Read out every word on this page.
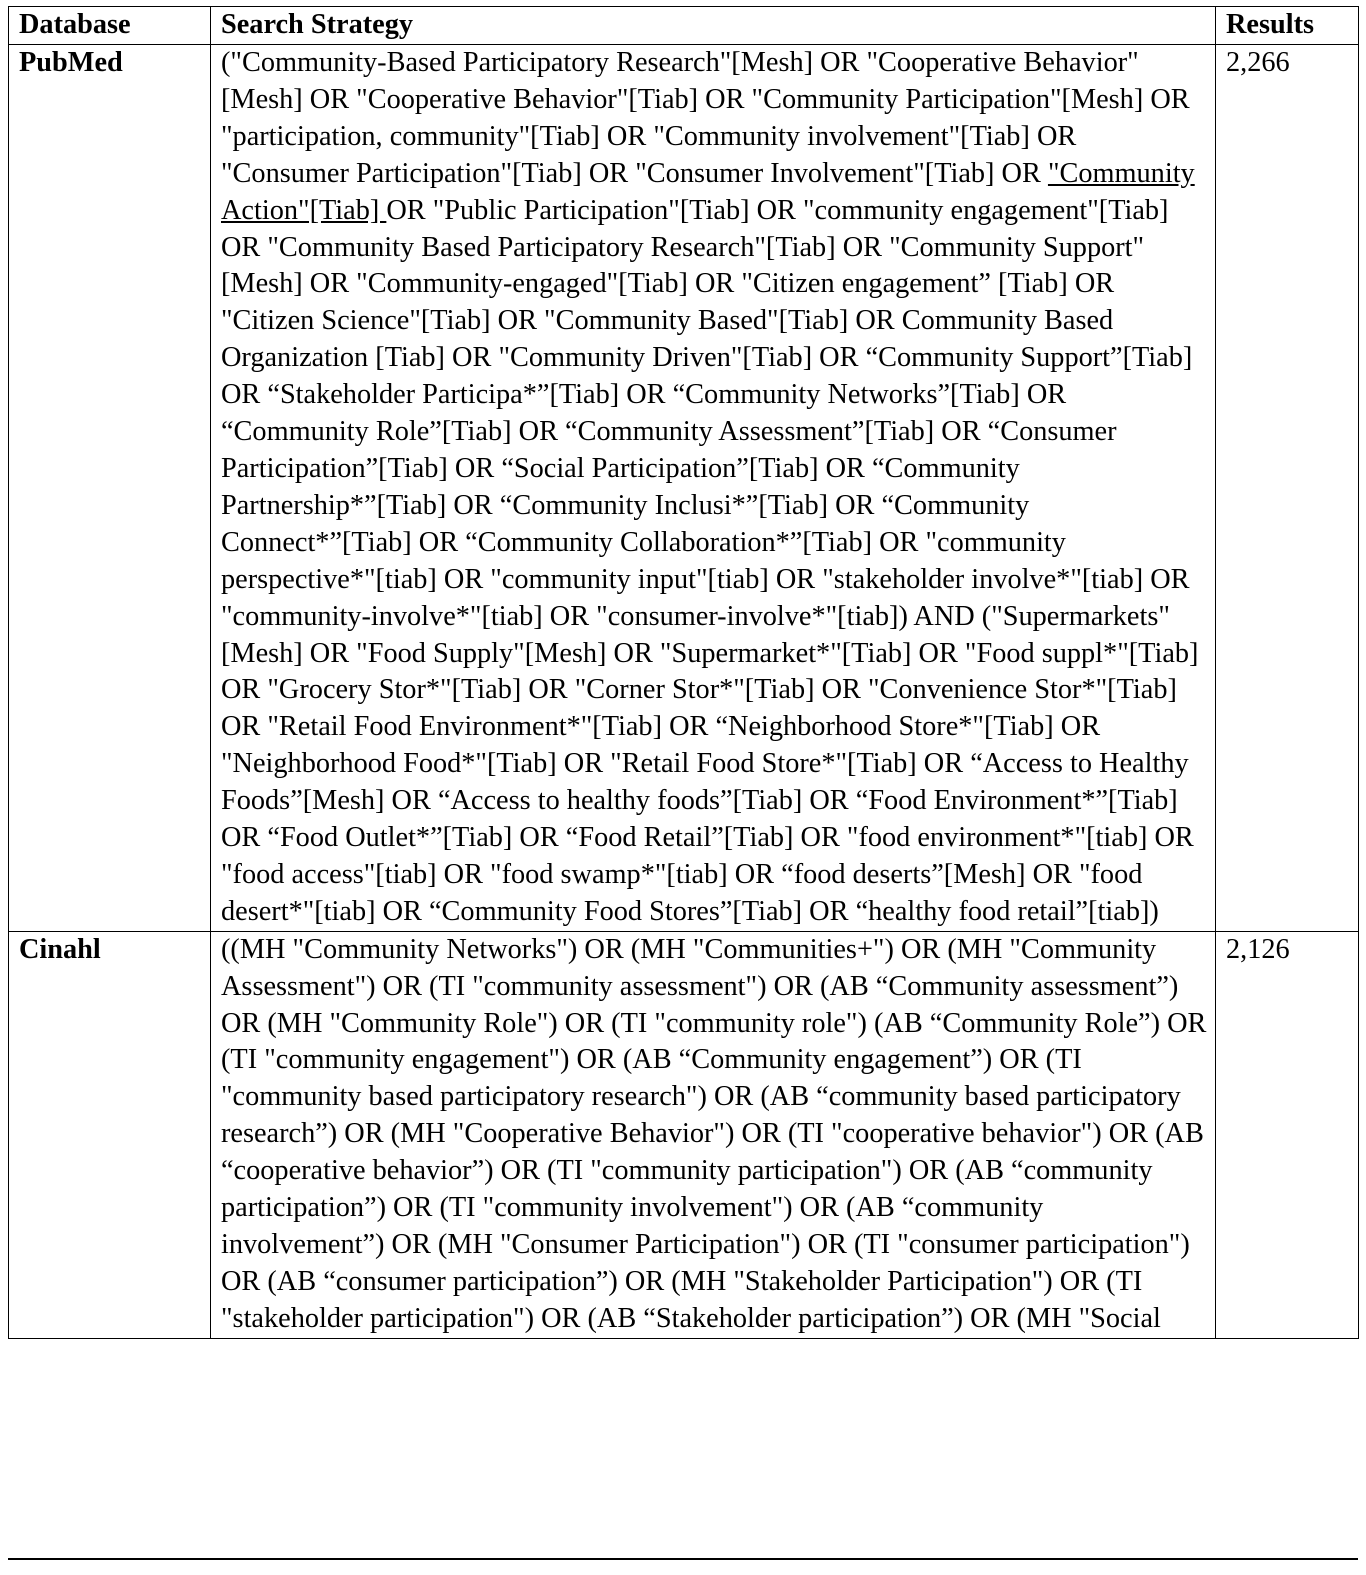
Database	Search Strategy	Results
PubMed	("Community-Based Participatory Research"[Mesh] OR "Cooperative Behavior"[Mesh] OR "Cooperative Behavior"[Tiab] OR "Community Participation"[Mesh] OR "participation, community"[Tiab] OR "Community involvement"[Tiab] OR "Consumer Participation"[Tiab] OR "Consumer Involvement"[Tiab] OR "Community Action"[Tiab] OR "Public Participation"[Tiab] OR "community engagement"[Tiab] OR "Community Based Participatory Research"[Tiab] OR "Community Support"[Mesh] OR "Community-engaged"[Tiab] OR "Citizen engagement” [Tiab] OR "Citizen Science"[Tiab] OR "Community Based"[Tiab] OR Community Based Organization [Tiab] OR "Community Driven"[Tiab] OR “Community Support”[Tiab] OR “Stakeholder Participa*”[Tiab] OR “Community Networks”[Tiab] OR “Community Role”[Tiab] OR “Community Assessment”[Tiab] OR “Consumer Participation”[Tiab] OR “Social Participation”[Tiab] OR “Community Partnership*”[Tiab] OR “Community Inclusi*”[Tiab] OR “Community Connect*”[Tiab] OR “Community Collaboration*”[Tiab] OR "community perspective*"[tiab] OR "community input"[tiab] OR "stakeholder involve*"[tiab] OR "community-involve*"[tiab] OR "consumer-involve*"[tiab]) AND ("Supermarkets"[Mesh] OR "Food Supply"[Mesh] OR "Supermarket*"[Tiab] OR "Food suppl*"[Tiab] OR "Grocery Stor*"[Tiab] OR "Corner Stor*"[Tiab] OR "Convenience Stor*"[Tiab] OR "Retail Food Environment*"[Tiab] OR “Neighborhood Store*"[Tiab] OR "Neighborhood Food*"[Tiab] OR "Retail Food Store*"[Tiab] OR “Access to Healthy Foods”[Mesh] OR “Access to healthy foods”[Tiab] OR “Food Environment*”[Tiab] OR “Food Outlet*”[Tiab] OR “Food Retail”[Tiab] OR "food environment*"[tiab] OR "food access"[tiab] OR "food swamp*"[tiab] OR “food deserts”[Mesh] OR "food desert*"[tiab] OR “Community Food Stores”[Tiab] OR “healthy food retail”[tiab])	2,266
Cinahl	((MH "Community Networks") OR (MH "Communities+") OR (MH "Community Assessment") OR (TI "community assessment") OR (AB “Community assessment”) OR (MH "Community Role") OR (TI "community role") (AB “Community Role”) OR (TI "community engagement") OR (AB “Community engagement”) OR (TI "community based participatory research") OR (AB “community based participatory research”) OR (MH "Cooperative Behavior") OR (TI "cooperative behavior") OR (AB “cooperative behavior”) OR (TI "community participation") OR (AB “community participation”) OR (TI "community involvement") OR (AB “community involvement”) OR (MH "Consumer Participation") OR (TI "consumer participation") OR (AB “consumer participation”) OR (MH "Stakeholder Participation") OR (TI "stakeholder participation") OR (AB “Stakeholder participation”) OR (MH "Social	2,126
